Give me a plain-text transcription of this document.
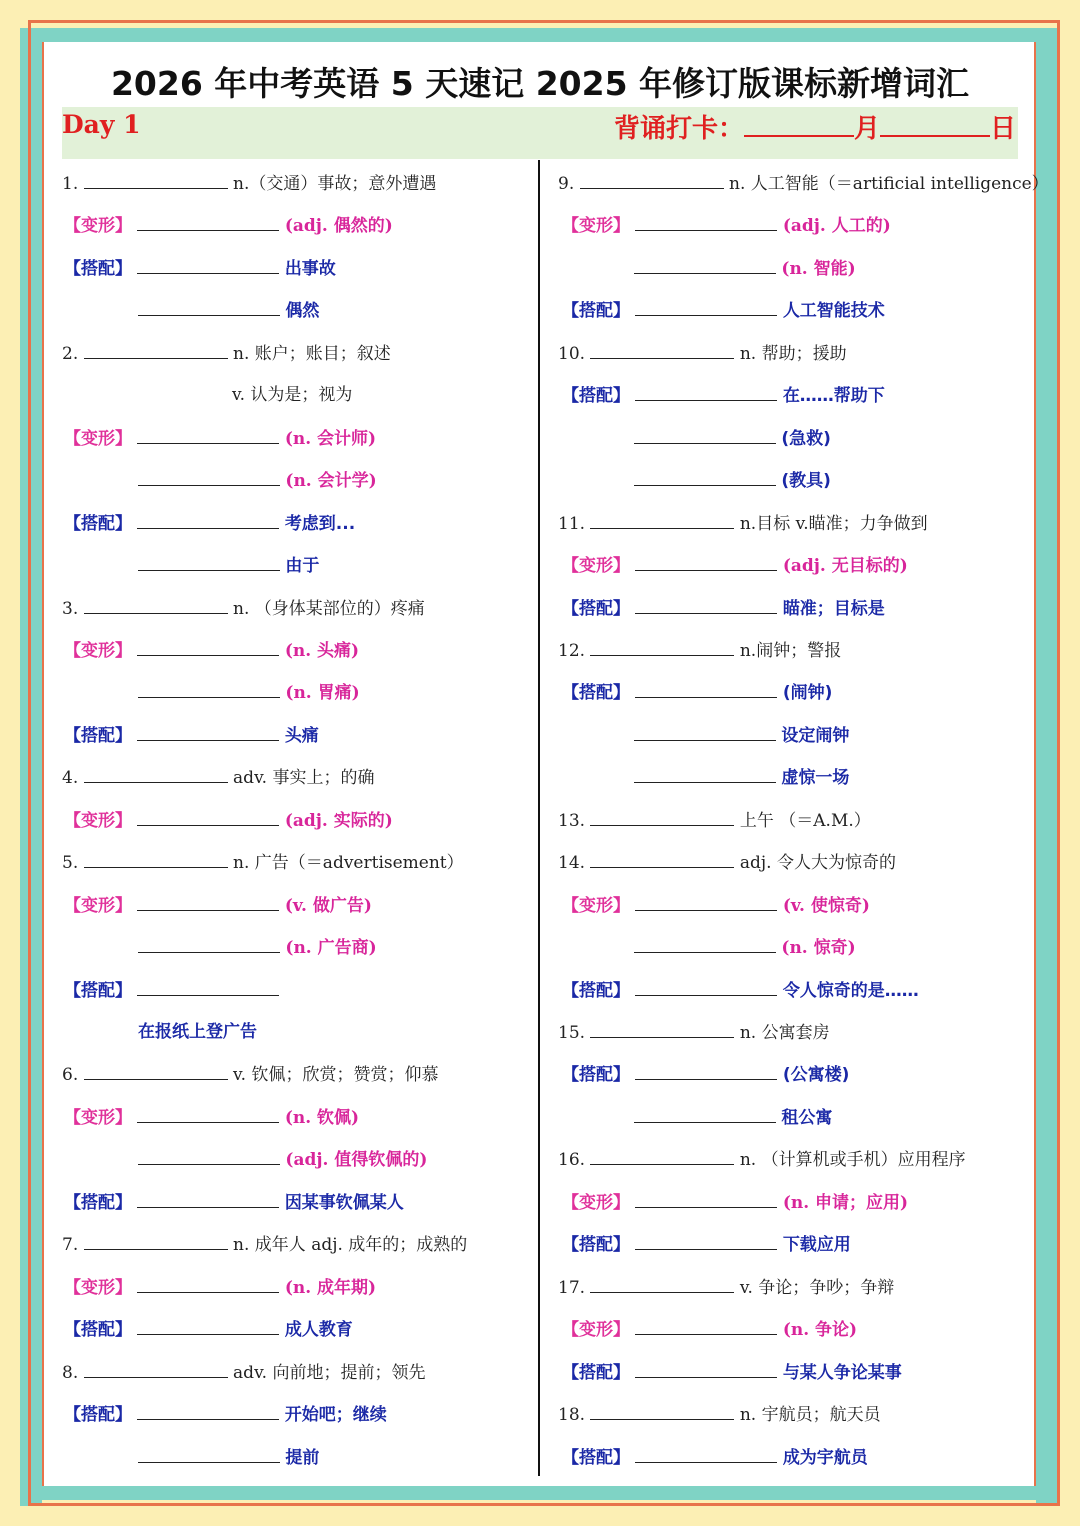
2026 年中考英语 5 天速记 2025 年修订版课标新增词汇
Day 1	背诵打卡：	月	日
1.	n.（交通）事故；意外遭遇
【变形】	(adj. 偶然的)
【搭配】	出事故
偶然
2.	n. 账户；账目；叙述
v. 认为是；视为
【变形】	(n. 会计师)
(n. 会计学)
【搭配】	考虑到...
由于
3.	n. （身体某部位的）疼痛
【变形】	(n. 头痛)
(n. 胃痛)
【搭配】	头痛
4.	adv. 事实上；的确
【变形】	(adj. 实际的)
5.	n. 广告（＝advertisement）
【变形】	(v. 做广告)
(n. 广告商)
【搭配】
在报纸上登广告
6.	v. 钦佩；欣赏；赞赏；仰慕
【变形】	(n. 钦佩)
(adj. 值得钦佩的)
【搭配】	因某事钦佩某人
7.	n. 成年人 adj. 成年的；成熟的
【变形】	(n. 成年期)
【搭配】	成人教育
8.	adv. 向前地；提前；领先
【搭配】	开始吧；继续
提前
9.	n. 人工智能（＝artificial intelligence）
【变形】	(adj. 人工的)
(n. 智能)
【搭配】	人工智能技术
10.	n. 帮助；援助
【搭配】	在……帮助下
(急救)
(教具)
11.	n.目标 v.瞄准；力争做到
【变形】	(adj. 无目标的)
【搭配】	瞄准；目标是
12.	n.闹钟；警报
【搭配】	(闹钟)
设定闹钟
虚惊一场
13.	上午 （＝A.M.）
14.	adj. 令人大为惊奇的
【变形】	(v. 使惊奇)
(n. 惊奇)
【搭配】	令人惊奇的是……
15.	n. 公寓套房
【搭配】	(公寓楼)
租公寓
16.	n. （计算机或手机）应用程序
【变形】	(n. 申请；应用)
【搭配】	下载应用
17.	v. 争论；争吵；争辩
【变形】	(n. 争论)
【搭配】	与某人争论某事
18.	n. 宇航员；航天员
【搭配】	成为宇航员
